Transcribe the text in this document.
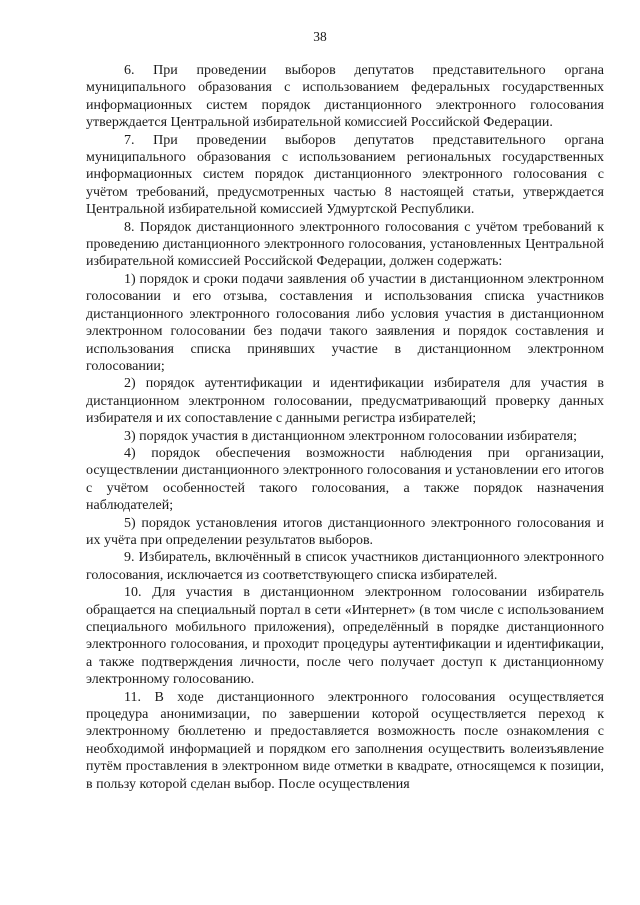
38

6. При проведении выборов депутатов представительного органа муниципального образования с использованием федеральных государственных информационных систем порядок дистанционного электронного голосования утверждается Центральной избирательной комиссией Российской Федерации.

7. При проведении выборов депутатов представительного органа муниципального образования с использованием региональных государственных информационных систем порядок дистанционного электронного голосования с учётом требований, предусмотренных частью 8 настоящей статьи, утверждается Центральной избирательной комиссией Удмуртской Республики.

8. Порядок дистанционного электронного голосования с учётом требований к проведению дистанционного электронного голосования, установленных Центральной избирательной комиссией Российской Федерации, должен содержать:

1) порядок и сроки подачи заявления об участии в дистанционном электронном голосовании и его отзыва, составления и использования списка участников дистанционного электронного голосования либо условия участия в дистанционном электронном голосовании без подачи такого заявления и порядок составления и использования списка принявших участие в дистанционном электронном голосовании;

2) порядок аутентификации и идентификации избирателя для участия в дистанционном электронном голосовании, предусматривающий проверку данных избирателя и их сопоставление с данными регистра избирателей;

3) порядок участия в дистанционном электронном голосовании избирателя;

4) порядок обеспечения возможности наблюдения при организации, осуществлении дистанционного электронного голосования и установлении его итогов с учётом особенностей такого голосования, а также порядок назначения наблюдателей;

5) порядок установления итогов дистанционного электронного голосования и их учёта при определении результатов выборов.

9. Избиратель, включённый в список участников дистанционного электронного голосования, исключается из соответствующего списка избирателей.

10. Для участия в дистанционном электронном голосовании избиратель обращается на специальный портал в сети «Интернет» (в том числе с использованием специального мобильного приложения), определённый в порядке дистанционного электронного голосования, и проходит процедуры аутентификации и идентификации, а также подтверждения личности, после чего получает доступ к дистанционному электронному голосованию.

11. В ходе дистанционного электронного голосования осуществляется процедура анонимизации, по завершении которой осуществляется переход к электронному бюллетеню и предоставляется возможность после ознакомления с необходимой информацией и порядком его заполнения осуществить волеизъявление путём проставления в электронном виде отметки в квадрате, относящемся к позиции, в пользу которой сделан выбор. После осуществления
